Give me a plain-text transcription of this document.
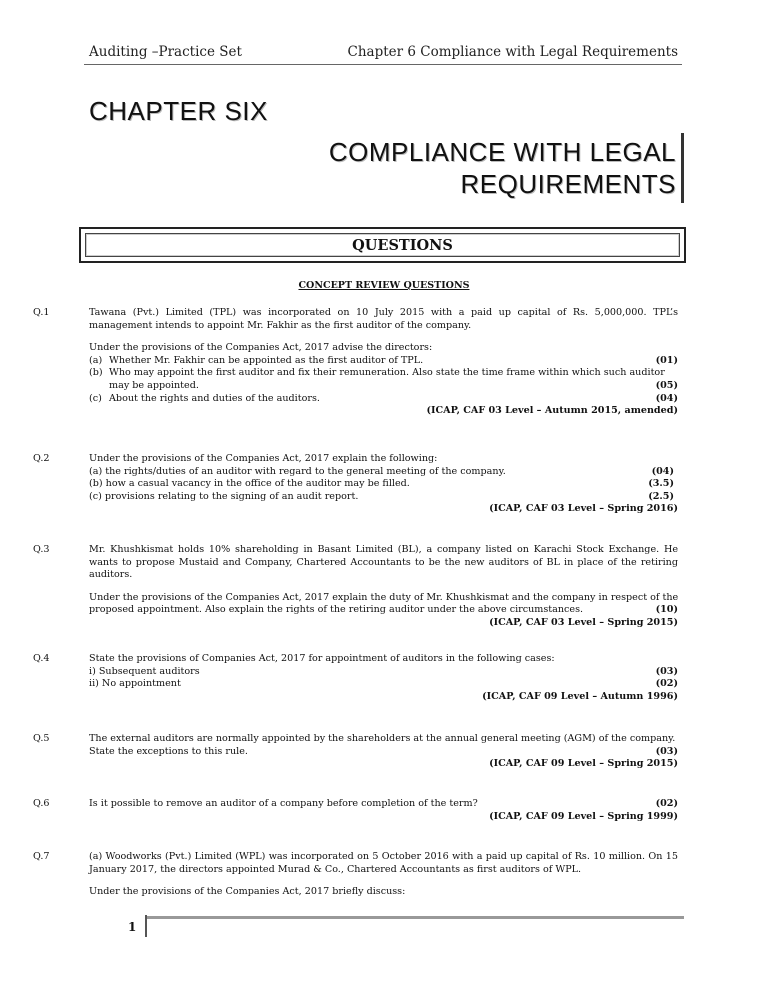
Auditing –Practice Set	Chapter 6 Compliance with Legal Requirements
CHAPTER SIX
COMPLIANCE WITH LEGAL
REQUIREMENTS
QUESTIONS
CONCEPT REVIEW QUESTIONS
Q.1	Tawana (Pvt.) Limited (TPL) was incorporated on 10 July 2015 with a paid up capital of Rs. 5,000,000. TPL’s management intends to appoint Mr. Fakhir as the first auditor of the company.
Under the provisions of the Companies Act, 2017 advise the directors:
(a) Whether Mr. Fakhir can be appointed as the first auditor of TPL.	(01)
(b) Who may appoint the first auditor and fix their remuneration. Also state the time frame within which such auditor
may be appointed.	(05)
(c) About the rights and duties of the auditors.	(04)
(ICAP, CAF 03 Level – Autumn 2015, amended)
Q.2	Under the provisions of the Companies Act, 2017 explain the following:
(a) the rights/duties of an auditor with regard to the general meeting of the company.	(04)
(b) how a casual vacancy in the office of the auditor may be filled.	(3.5)
(c) provisions relating to the signing of an audit report.	(2.5)
(ICAP, CAF 03 Level – Spring 2016)
Q.3	Mr. Khushkismat holds 10% shareholding in Basant Limited (BL), a company listed on Karachi Stock Exchange. He wants to propose Mustaid and Company, Chartered Accountants to be the new auditors of BL in place of the retiring auditors.
Under the provisions of the Companies Act, 2017 explain the duty of Mr. Khushkismat and the company in respect of the
proposed appointment. Also explain the rights of the retiring auditor under the above circumstances.	(10)
(ICAP, CAF 03 Level – Spring 2015)
Q.4	State the provisions of Companies Act, 2017 for appointment of auditors in the following cases:
i) Subsequent auditors	(03)
ii) No appointment	(02)
(ICAP, CAF 09 Level – Autumn 1996)
Q.5	The external auditors are normally appointed by the shareholders at the annual general meeting (AGM) of the company.
State the exceptions to this rule.	(03)
(ICAP, CAF 09 Level – Spring 2015)
Q.6	Is it possible to remove an auditor of a company before completion of the term?	(02)
(ICAP, CAF 09 Level – Spring 1999)
Q.7	(a) Woodworks (Pvt.) Limited (WPL) was incorporated on 5 October 2016 with a paid up capital of Rs. 10 million. On 15 January 2017, the directors appointed Murad & Co., Chartered Accountants as first auditors of WPL.
Under the provisions of the Companies Act, 2017 briefly discuss:
1
